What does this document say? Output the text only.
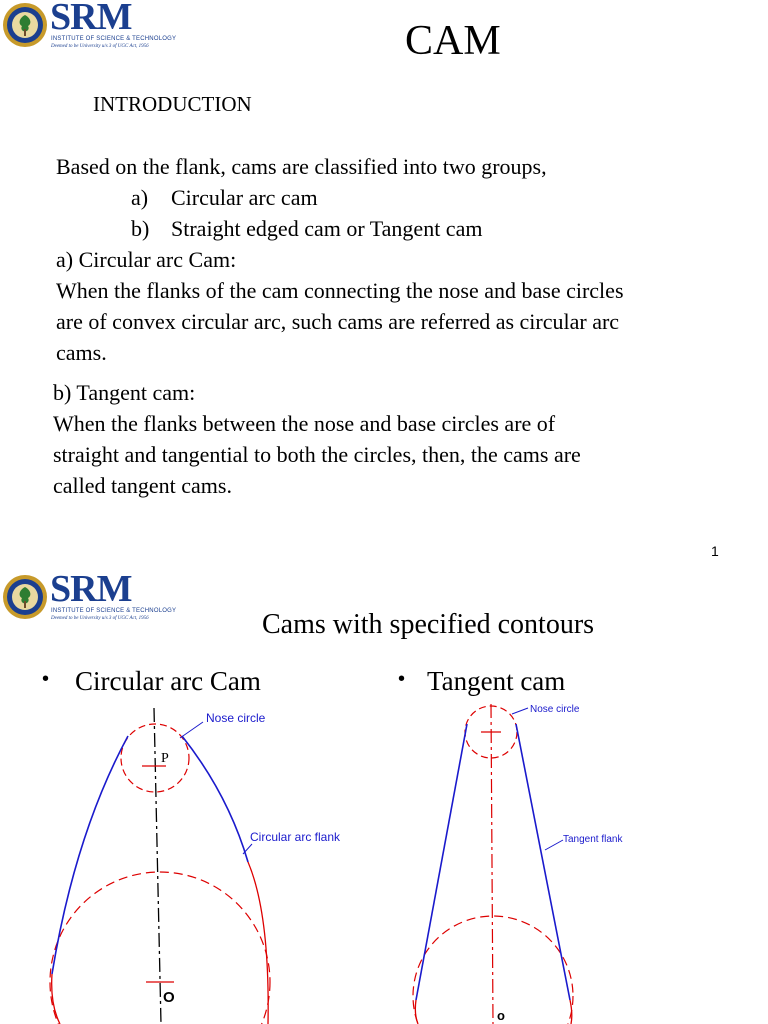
SRM
INSTITUTE OF SCIENCE & TECHNOLOGY
Deemed to be University u/s 3 of UGC Act, 1956	CAM
INTRODUCTION
Based on the flank, cams are classified into two groups,
a) Circular arc cam
b) Straight edged cam or Tangent cam
a) Circular arc Cam:
When the flanks of the cam connecting the nose and base circles
are of convex circular arc, such cams are referred as circular arc
cams.
b) Tangent cam:
When the flanks between the nose and base circles are of
straight and tangential to both the circles, then, the cams are
called tangent cams.
1
SRM
INSTITUTE OF SCIENCE & TECHNOLOGY
Deemed to be University u/s 3 of UGC Act, 1956	Cams with specified contours
• Circular arc Cam	• Tangent cam
Nose circle
Circular arc flank
P
O
Nose circle
Tangent flank
o
